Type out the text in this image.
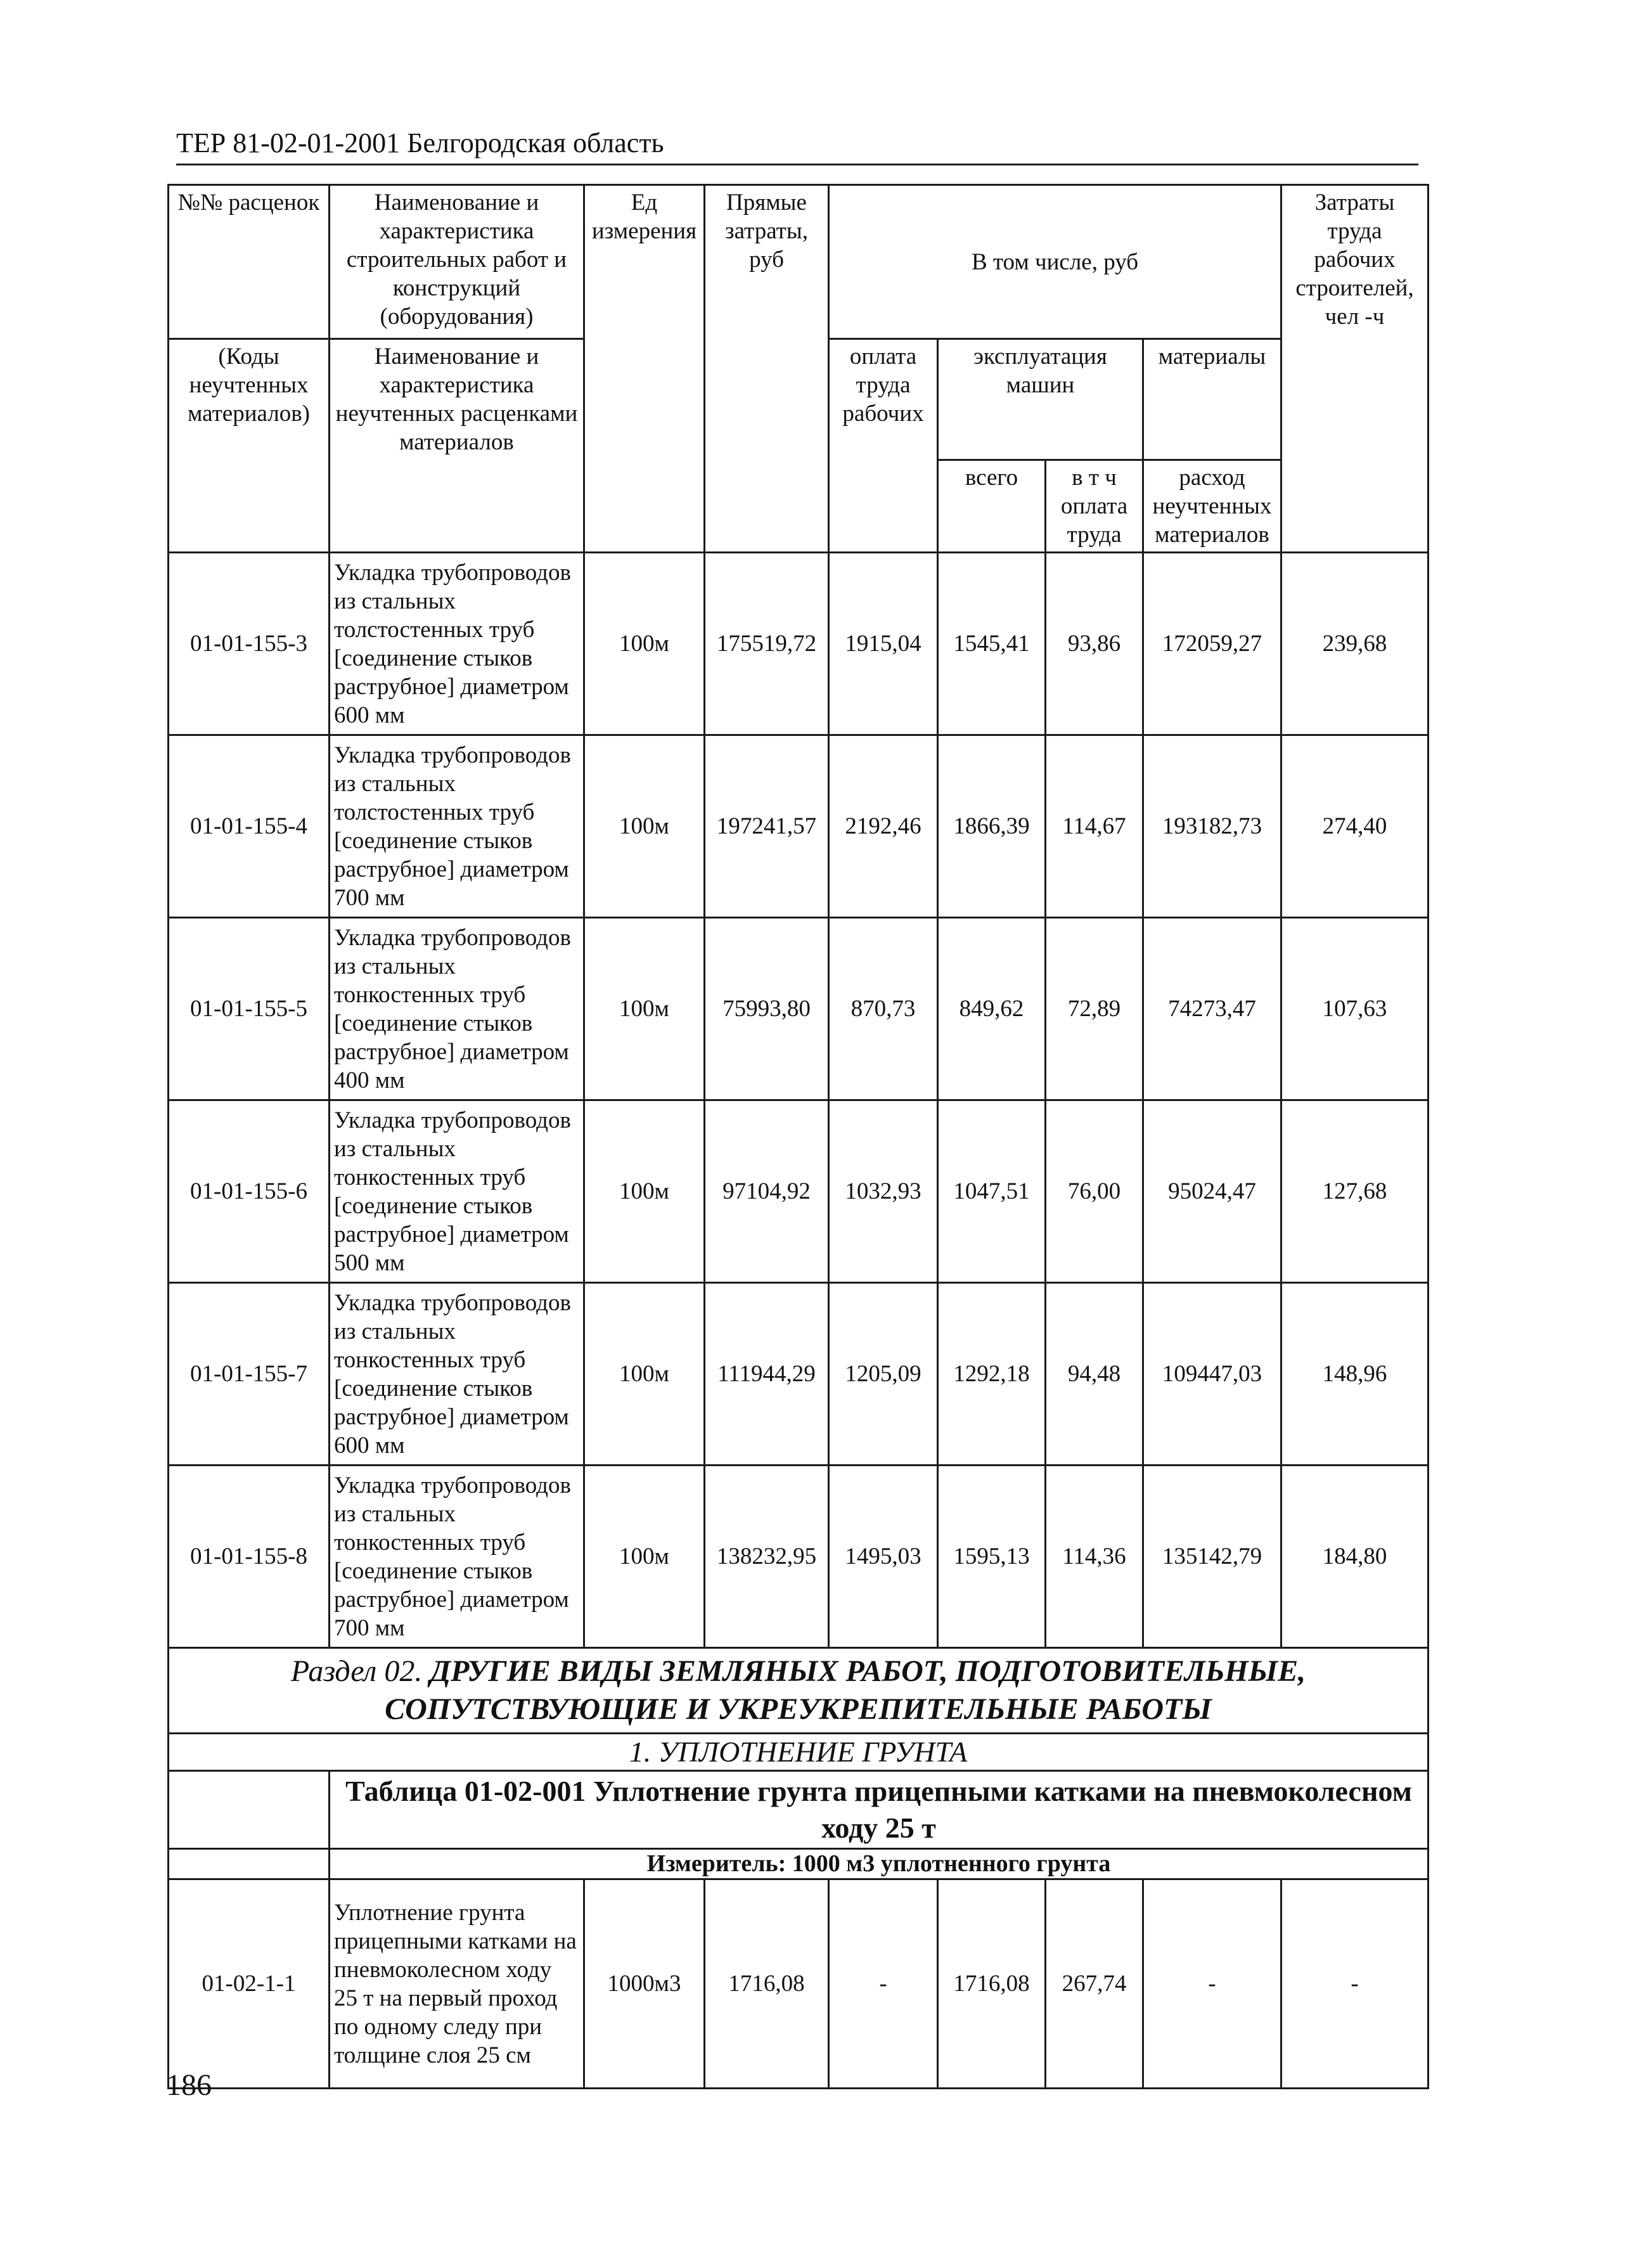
ТЕР 81-02-01-2001 Белгородская область
№№ расценок	Наименование и характеристика строительных работ и конструкций (оборудования)	Ед измерения	Прямые затраты, руб	В том числе, руб				Затраты труда рабочих строителей, чел -ч
(Коды неучтенных материалов)	Наименование и характеристика неучтенных расценками материалов			оплата труда рабочих	эксплуатация машин		материалы	
					всего	в т ч оплата труда	расход неучтенных материалов	
01-01-155-3	Укладка трубопроводов из стальных толстостенных труб [соединение стыков раструбное] диаметром 600 мм	100м	175519,72	1915,04	1545,41	93,86	172059,27	239,68
01-01-155-4	Укладка трубопроводов из стальных толстостенных труб [соединение стыков раструбное] диаметром 700 мм	100м	197241,57	2192,46	1866,39	114,67	193182,73	274,40
01-01-155-5	Укладка трубопроводов из стальных тонкостенных труб [соединение стыков раструбное] диаметром 400 мм	100м	75993,80	870,73	849,62	72,89	74273,47	107,63
01-01-155-6	Укладка трубопроводов из стальных тонкостенных труб [соединение стыков раструбное] диаметром 500 мм	100м	97104,92	1032,93	1047,51	76,00	95024,47	127,68
01-01-155-7	Укладка трубопроводов из стальных тонкостенных труб [соединение стыков раструбное] диаметром 600 мм	100м	111944,29	1205,09	1292,18	94,48	109447,03	148,96
01-01-155-8	Укладка трубопроводов из стальных тонкостенных труб [соединение стыков раструбное] диаметром 700 мм	100м	138232,95	1495,03	1595,13	114,36	135142,79	184,80

Раздел 02. ДРУГИЕ ВИДЫ ЗЕМЛЯНЫХ РАБОТ, ПОДГОТОВИТЕЛЬНЫЕ,
СОПУТСТВУЮЩИЕ И УКРЕУКРЕПИТЕЛЬНЫЕ РАБОТЫ								

1. УПЛОТНЕНИЕ ГРУНТА								
	Таблица 01-02-001 Уплотнение грунта прицепными катками на пневмоколесном ходу 25 т							
	Измеритель: 1000 м3 уплотненного грунта							
01-02-1-1	Уплотнение грунта прицепными катками на пневмоколесном ходу 25 т на первый проход по одному следу при толщине слоя 25 см	1000м3	1716,08	-	1716,08	267,74	-	-
186
